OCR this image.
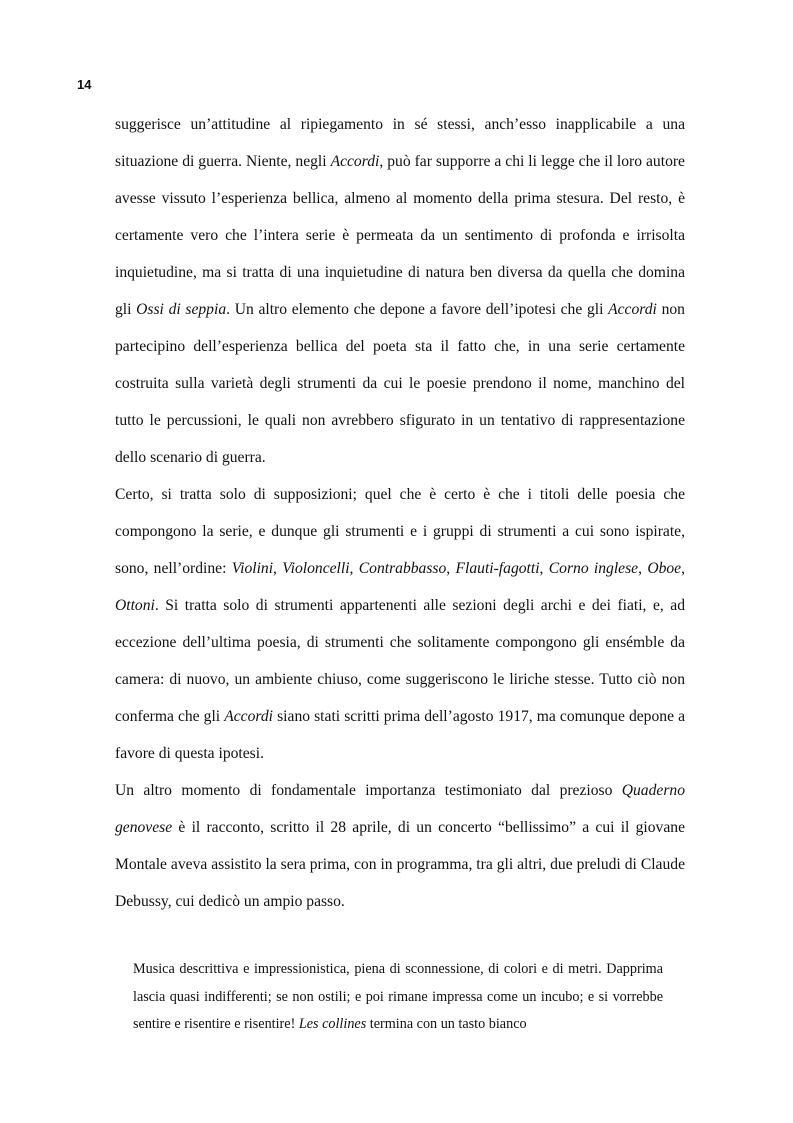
14

suggerisce un’attitudine al ripiegamento in sé stessi, anch’esso inapplicabile a una situazione di guerra. Niente, negli Accordi, può far supporre a chi li legge che il loro autore avesse vissuto l’esperienza bellica, almeno al momento della prima stesura. Del resto, è certamente vero che l’intera serie è permeata da un sentimento di profonda e irrisolta inquietudine, ma si tratta di una inquietudine di natura ben diversa da quella che domina gli Ossi di seppia. Un altro elemento che depone a favore dell’ipotesi che gli Accordi non partecipino dell’esperienza bellica del poeta sta il fatto che, in una serie certamente costruita sulla varietà degli strumenti da cui le poesie prendono il nome, manchino del tutto le percussioni, le quali non avrebbero sfigurato in un tentativo di rappresentazione dello scenario di guerra.

Certo, si tratta solo di supposizioni; quel che è certo è che i titoli delle poesia che compongono la serie, e dunque gli strumenti e i gruppi di strumenti a cui sono ispirate, sono, nell’ordine: Violini, Violoncelli, Contrabbasso, Flauti-fagotti, Corno inglese, Oboe, Ottoni. Si tratta solo di strumenti appartenenti alle sezioni degli archi e dei fiati, e, ad eccezione dell’ultima poesia, di strumenti che solitamente compongono gli ensémble da camera: di nuovo, un ambiente chiuso, come suggeriscono le liriche stesse. Tutto ciò non conferma che gli Accordi siano stati scritti prima dell’agosto 1917, ma comunque depone a favore di questa ipotesi.

Un altro momento di fondamentale importanza testimoniato dal prezioso Quaderno genovese è il racconto, scritto il 28 aprile, di un concerto “bellissimo” a cui il giovane Montale aveva assistito la sera prima, con in programma, tra gli altri, due preludi di Claude Debussy, cui dedicò un ampio passo.

Musica descrittiva e impressionistica, piena di sconnessione, di colori e di metri. Dapprima lascia quasi indifferenti; se non ostili; e poi rimane impressa come un incubo; e si vorrebbe sentire e risentire e risentire! Les collines termina con un tasto bianco
